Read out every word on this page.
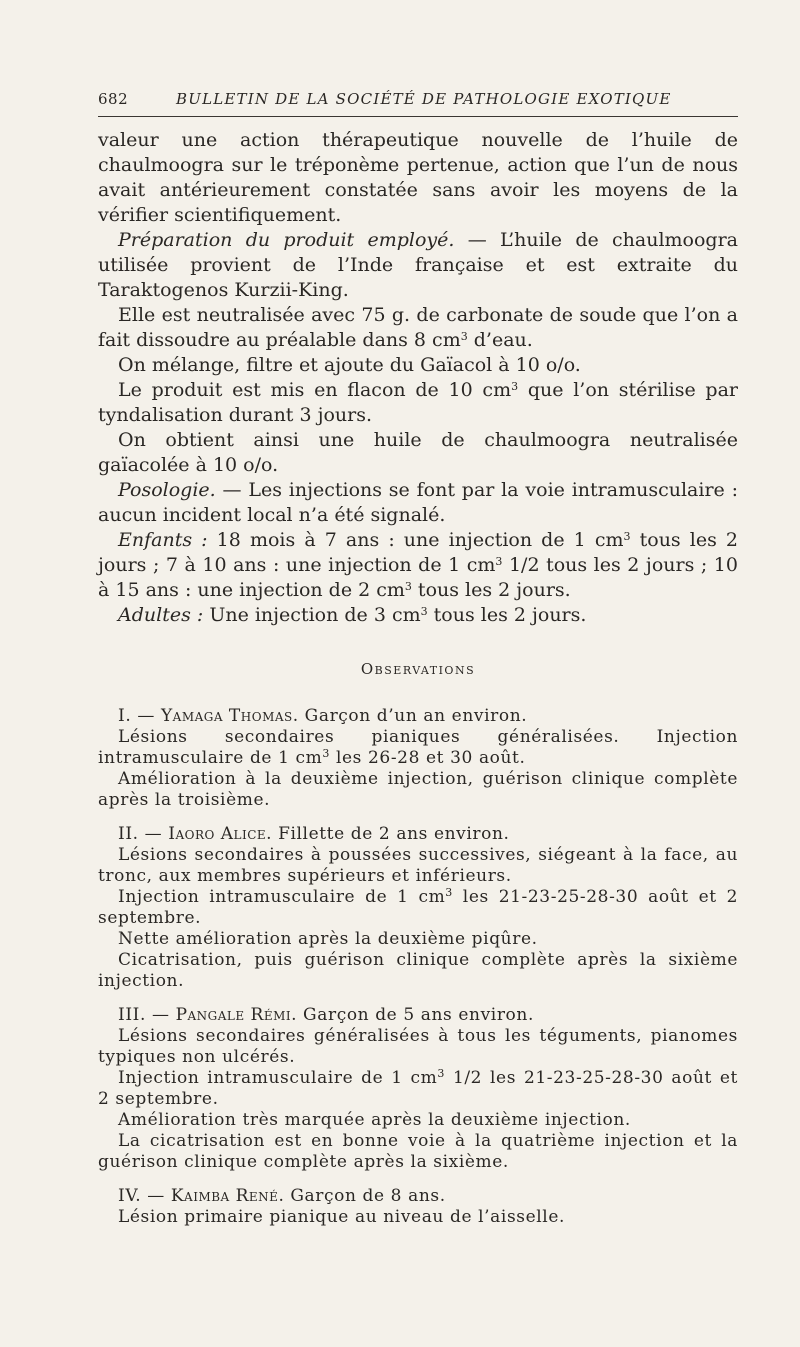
682	BULLETIN DE LA SOCIÉTÉ DE PATHOLOGIE EXOTIQUE

valeur une action thérapeutique nouvelle de l’huile de chaulmoogra sur le tréponème pertenue, action que l’un de nous avait antérieurement constatée sans avoir les moyens de la vérifier scientifiquement.

Préparation du produit employé. — L’huile de chaulmoogra utilisée provient de l’Inde française et est extraite du Taraktogenos Kurzii-King.

Elle est neutralisée avec 75 g. de carbonate de soude que l’on a fait dissoudre au préalable dans 8 $cm^3$ d’eau.

On mélange, filtre et ajoute du Gaïacol à 10 o/o.

Le produit est mis en flacon de 10 $cm^3$ que l’on stérilise par tyndalisation durant 3 jours.

On obtient ainsi une huile de chaulmoogra neutralisée gaïacolée à 10 o/o.

Posologie. — Les injections se font par la voie intramusculaire : aucun incident local n’a été signalé.

Enfants : 18 mois à 7 ans : une injection de 1 $cm^3$ tous les 2 jours ; 7 à 10 ans : une injection de 1 $cm^3$ 1/2 tous les 2 jours ; 10 à 15 ans : une injection de 2 $cm^3$ tous les 2 jours.

Adultes : Une injection de 3 $cm^3$ tous les 2 jours.

Observations

I. — Yamaga Thomas. Garçon d’un an environ.

Lésions secondaires pianiques généralisées. Injection intramusculaire de 1 $cm^3$ les 26-28 et 30 août.

Amélioration à la deuxième injection, guérison clinique complète après la troisième.

II. — Iaoro Alice. Fillette de 2 ans environ.

Lésions secondaires à poussées successives, siégeant à la face, au tronc, aux membres supérieurs et inférieurs.

Injection intramusculaire de 1 $cm^3$ les 21-23-25-28-30 août et 2 septembre.

Nette amélioration après la deuxième piqûre.

Cicatrisation, puis guérison clinique complète après la sixième injection.

III. — Pangale Rémi. Garçon de 5 ans environ.

Lésions secondaires généralisées à tous les téguments, pianomes typiques non ulcérés.

Injection intramusculaire de 1 $cm^3$ 1/2 les 21-23-25-28-30 août et 2 septembre.

Amélioration très marquée après la deuxième injection.

La cicatrisation est en bonne voie à la quatrième injection et la guérison clinique complète après la sixième.

IV. — Kaimba René. Garçon de 8 ans.

Lésion primaire pianique au niveau de l’aisselle.
